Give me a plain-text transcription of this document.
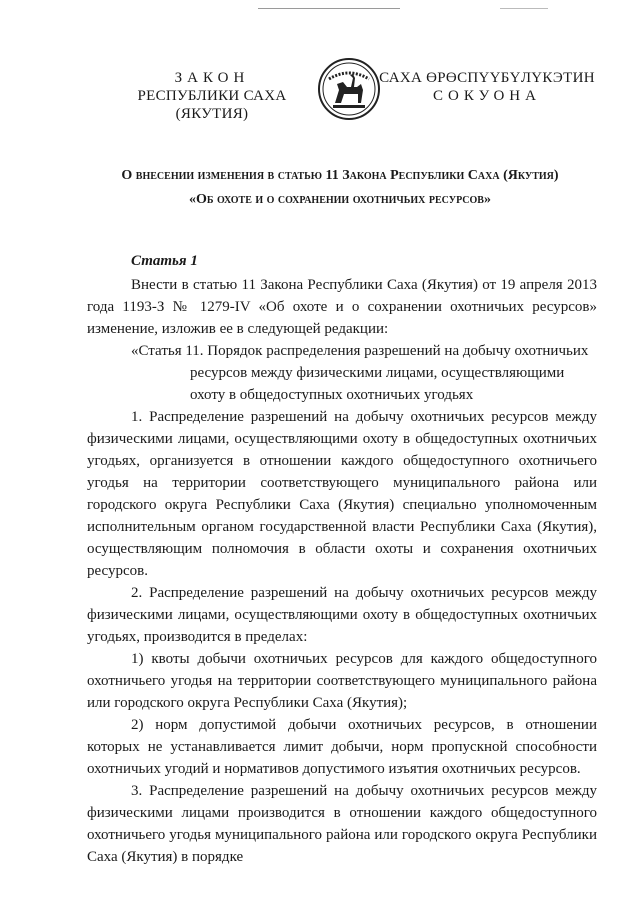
ЗАКОН
РЕСПУБЛИКИ САХА (ЯКУТИЯ)
САХА ӨРӨСПҮҮБҮЛҮКЭТИН
СОКУОНА
О внесении изменения в статью 11 Закона Республики Саха (Якутия)
«Об охоте и о сохранении охотничьих ресурсов»
Статья 1

Внести в статью 11 Закона Республики Саха (Якутия) от 19 апреля 2013 года 1193-З № 1279-IV «Об охоте и о сохранении охотничьих ресурсов» изменение, изложив ее в следующей редакции:

«Статья 11. Порядок распределения разрешений на добычу охотничьих
ресурсов между физическими лицами, осуществляющими
охоту в общедоступных охотничьих угодьях

1. Распределение разрешений на добычу охотничьих ресурсов между физическими лицами, осуществляющими охоту в общедоступных охотничьих угодьях, организуется в отношении каждого общедоступного охотничьего угодья на территории соответствующего муниципального района или городского округа Республики Саха (Якутия) специально уполномоченным исполнительным органом государственной власти Республики Саха (Якутия), осуществляющим полномочия в области охоты и сохранения охотничьих ресурсов.

2. Распределение разрешений на добычу охотничьих ресурсов между физическими лицами, осуществляющими охоту в общедоступных охотничьих угодьях, производится в пределах:

1) квоты добычи охотничьих ресурсов для каждого общедоступного охотничьего угодья на территории соответствующего муниципального района или городского округа Республики Саха (Якутия);

2) норм допустимой добычи охотничьих ресурсов, в отношении которых не устанавливается лимит добычи, норм пропускной способности охотничьих угодий и нормативов допустимого изъятия охотничьих ресурсов.

3. Распределение разрешений на добычу охотничьих ресурсов между физическими лицами производится в отношении каждого общедоступного охотничьего угодья муниципального района или городского округа Республики Саха (Якутия) в порядке
